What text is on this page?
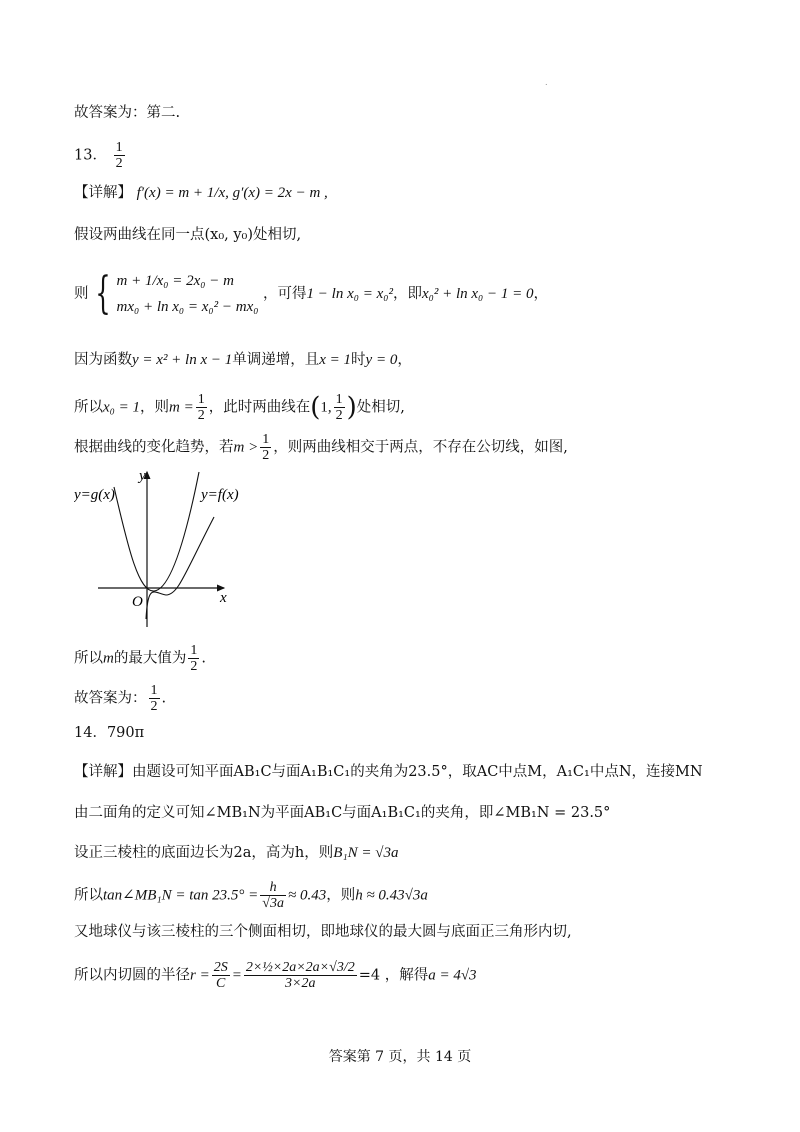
.
故答案为：第二.
13． $\frac{1}{2}$
【详解】 f′(x) = m + 1/x, g′(x) = 2x − m ,
假设两曲线在同一点(x₀, y₀)处相切,
则 { m + 1/x₀ = 2x₀ − m
mx₀ + ln x₀ = x₀² − mx₀
，可得1 − ln x₀ = x₀²，即x₀² + ln x₀ − 1 = 0，
因为函数y = x² + ln x − 1单调递增，且x = 1时y = 0，
所以x₀ = 1，则$m = \frac{1}{2}$ ，此时两曲线在(1, $\frac{1}{2}$ )处相切,
根据曲线的变化趋势，若$m > \frac{1}{2}$ ，则两曲线相交于两点，不存在公切线，如图,
y
x
O
y=g(x)	y=f(x)
所以m的最大值为 $\frac{1}{2}$ .
故答案为： $\frac{1}{2}$ .
14．790π
【详解】由题设可知平面AB₁C与面A₁B₁C₁的夹角为23.5°，取AC中点M，A₁C₁中点N，连接MN
由二面角的定义可知∠MB₁N为平面AB₁C与面A₁B₁C₁的夹角，即∠MB₁N = 23.5°
设正三棱柱的底面边长为2a，高为h，则B₁N = √3a
所以tan∠MB₁N = $\tan 23.5^\circ = \frac{h}{√3a} \approx 0.43$，则h ≈ 0.43√3a
又地球仪与该三棱柱的三个侧面相切，即地球仪的最大圆与底面正三角形内切,
所以内切圆的半径$r = \frac{2S}{C} = \frac{\text{2×½×2a×2a×√3/2}}{3\times 2a} =4$ ，解得a = 4√3
答案第 7 页，共 14 页
